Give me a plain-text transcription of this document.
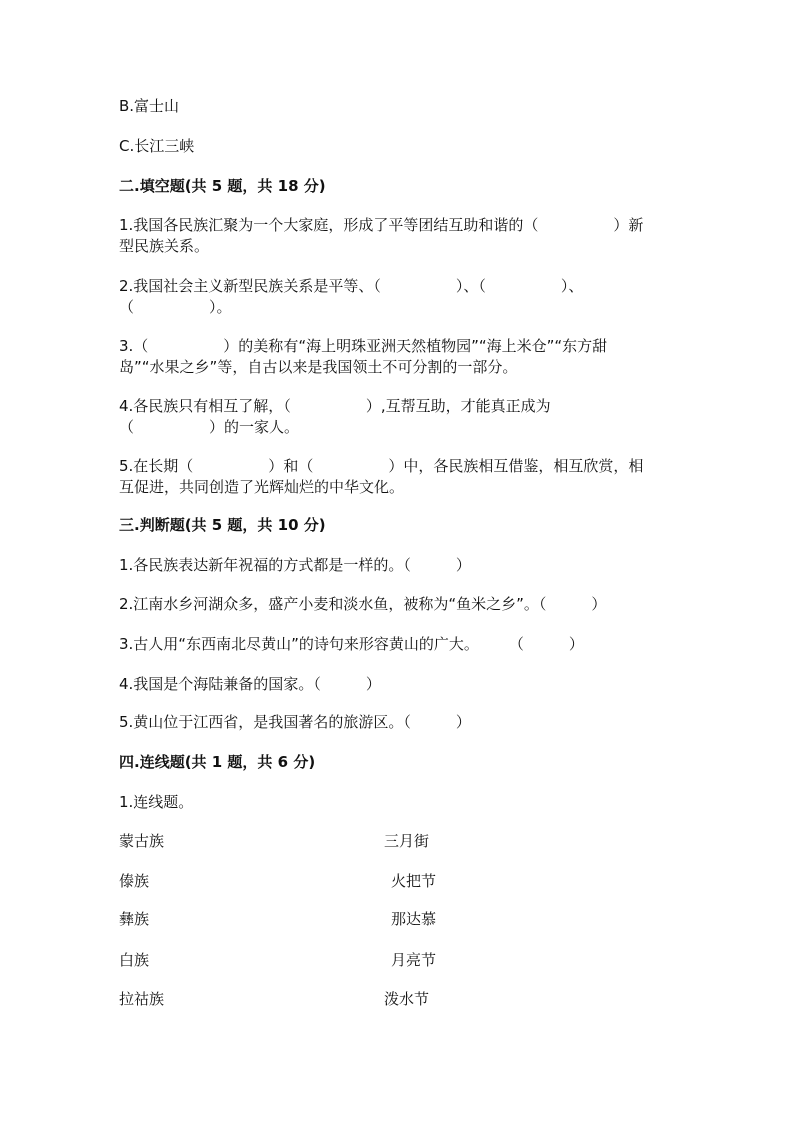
B.富士山
C.长江三峡
二.填空题(共 5 题，共 18 分)
1.我国各民族汇聚为一个大家庭，形成了平等团结互助和谐的（　　　　　）新
型民族关系。
2.我国社会主义新型民族关系是平等、（　　　　　）、（　　　　　）、
（　　　　　）。
3.（　　　　　）的美称有“海上明珠亚洲天然植物园”“海上米仓”“东方甜
岛”“水果之乡”等，自古以来是我国领土不可分割的一部分。
4.各民族只有相互了解，（　　　　　）,互帮互助，才能真正成为
（　　　　　）的一家人。
5.在长期（　　　　　）和（　　　　　）中，各民族相互借鉴，相互欣赏，相
互促进，共同创造了光辉灿烂的中华文化。
三.判断题(共 5 题，共 10 分)
1.各民族表达新年祝福的方式都是一样的。（　　　）
2.江南水乡河湖众多，盛产小麦和淡水鱼，被称为“鱼米之乡”。（　　　）
3.古人用“东西南北尽黄山”的诗句来形容黄山的广大。　　　（　　　）
4.我国是个海陆兼备的国家。（　　　）
5.黄山位于江西省，是我国著名的旅游区。（　　　）
四.连线题(共 1 题，共 6 分)
1.连线题。
蒙古族
傣族
彝族
白族
拉祜族
三月街
火把节
那达慕
月亮节
泼水节
